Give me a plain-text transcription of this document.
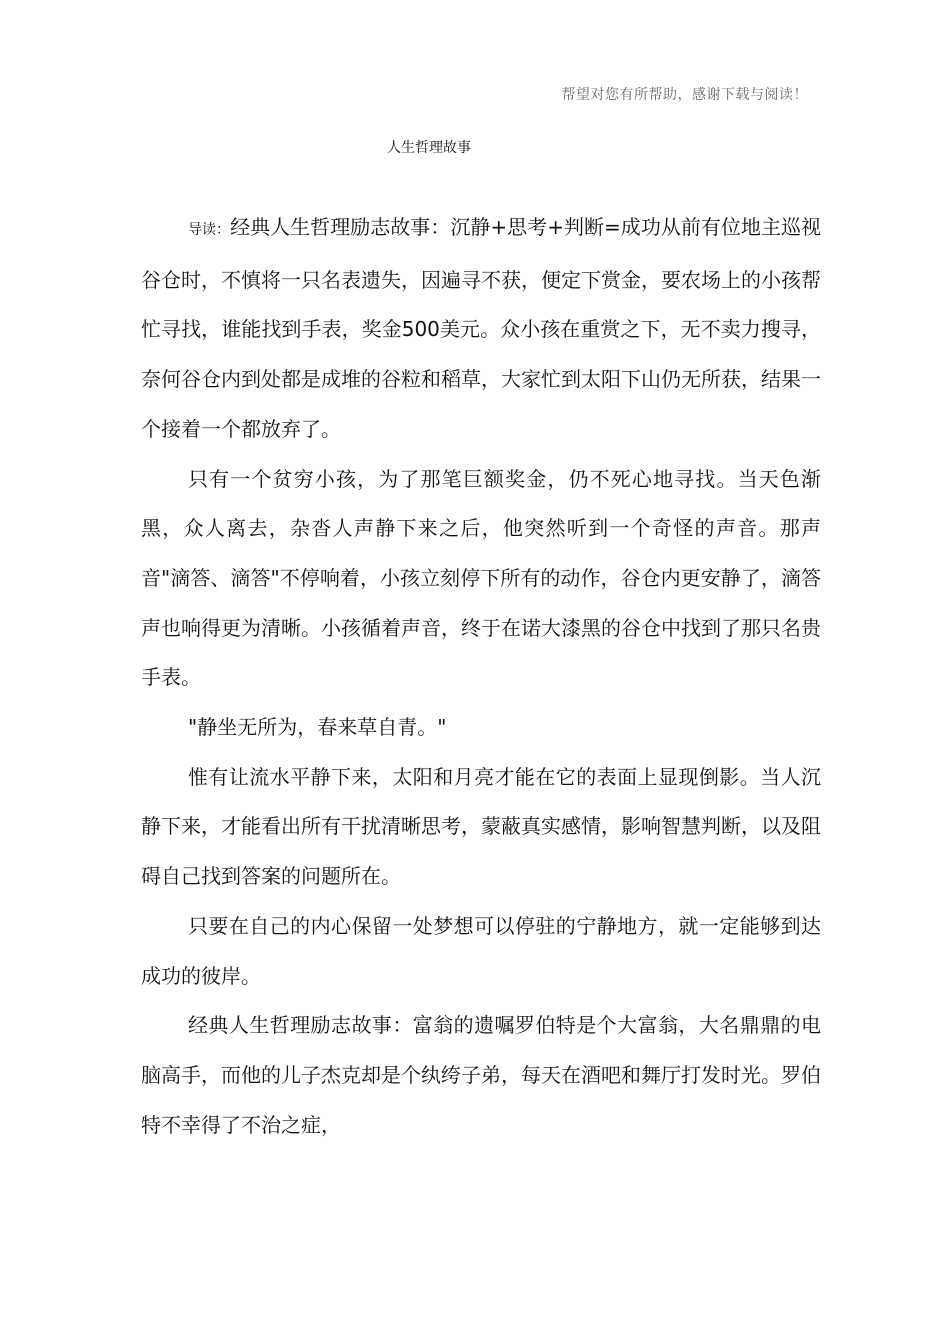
帮望对您有所帮助，感谢下载与阅读！
人生哲理故事

导读：经典人生哲理励志故事：沉静+思考+判断=成功从前有位地主巡视谷仓时，不慎将一只名表遗失，因遍寻不获，便定下赏金，要农场上的小孩帮忙寻找，谁能找到手表，奖金500美元。众小孩在重赏之下，无不卖力搜寻，奈何谷仓内到处都是成堆的谷粒和稻草，大家忙到太阳下山仍无所获，结果一个接着一个都放弃了。

只有一个贫穷小孩，为了那笔巨额奖金，仍不死心地寻找。当天色渐黑，众人离去，杂沓人声静下来之后，他突然听到一个奇怪的声音。那声音"滴答、滴答"不停响着，小孩立刻停下所有的动作，谷仓内更安静了，滴答声也响得更为清晰。小孩循着声音，终于在诺大漆黑的谷仓中找到了那只名贵手表。

"静坐无所为，春来草自青。"

惟有让流水平静下来，太阳和月亮才能在它的表面上显现倒影。当人沉静下来，才能看出所有干扰清晰思考，蒙蔽真实感情，影响智慧判断，以及阻碍自己找到答案的问题所在。

只要在自己的内心保留一处梦想可以停驻的宁静地方，就一定能够到达成功的彼岸。

经典人生哲理励志故事：富翁的遗嘱罗伯特是个大富翁，大名鼎鼎的电脑高手，而他的儿子杰克却是个纨绔子弟，每天在酒吧和舞厅打发时光。罗伯特不幸得了不治之症，
